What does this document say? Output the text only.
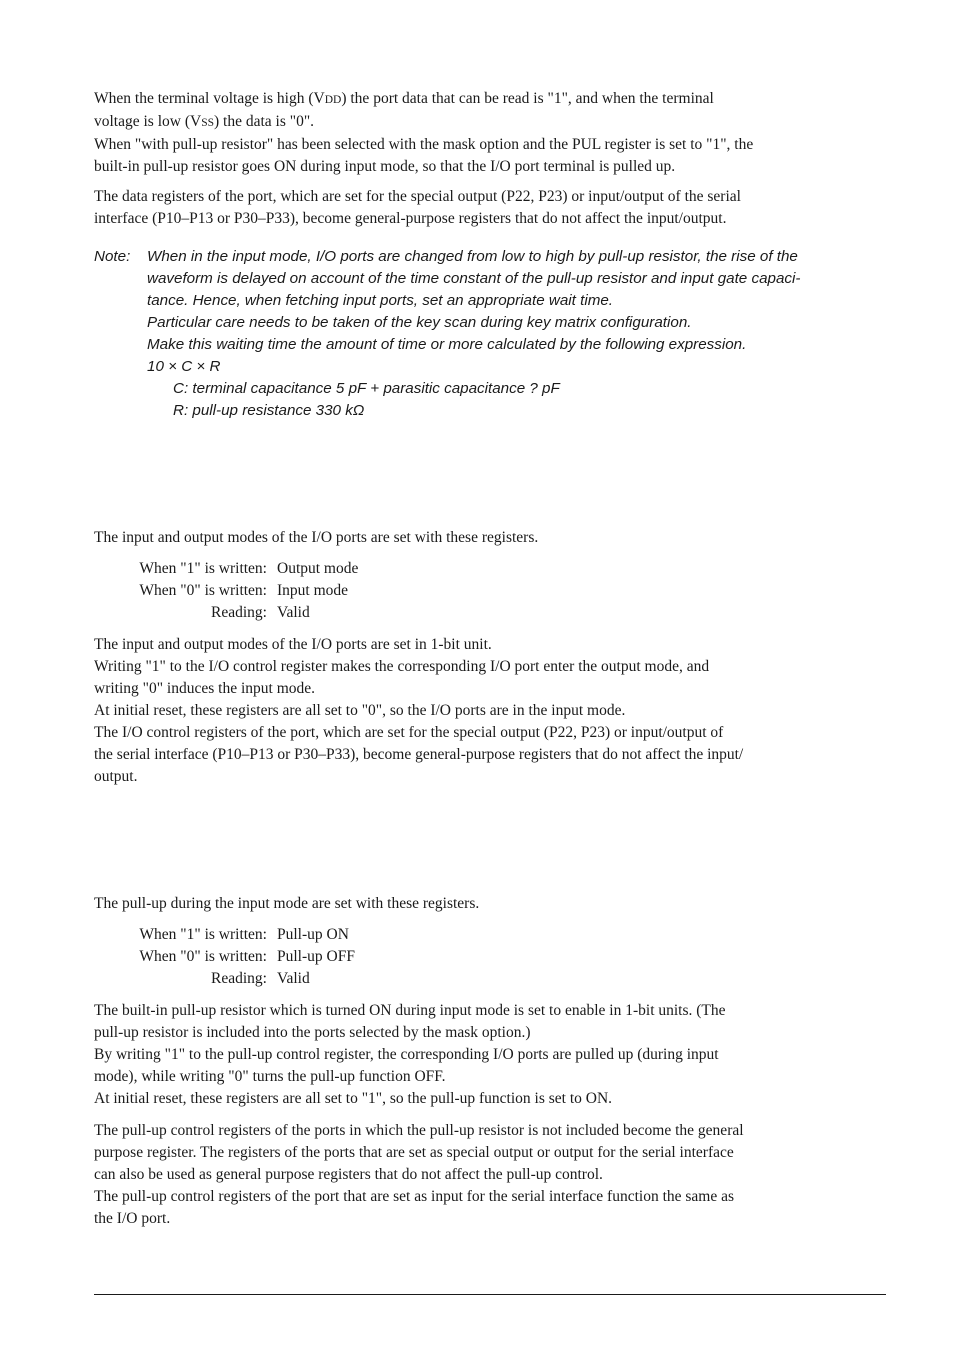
When the terminal voltage is high (VDD) the port data that can be read is "1", and when the terminal
voltage is low (VSS) the data is "0".
When "with pull-up resistor" has been selected with the mask option and the PUL register is set to "1", the
built-in pull-up resistor goes ON during input mode, so that the I/O port terminal is pulled up.
The data registers of the port, which are set for the special output (P22, P23) or input/output of the serial
interface (P10–P13 or P30–P33), become general-purpose registers that do not affect the input/output.
Note: When in the input mode, I/O ports are changed from low to high by pull-up resistor, the rise of the
waveform is delayed on account of the time constant of the pull-up resistor and input gate capaci-
tance. Hence, when fetching input ports, set an appropriate wait time.
Particular care needs to be taken of the key scan during key matrix configuration.
Make this waiting time the amount of time or more calculated by the following expression.
10 × C × R
C: terminal capacitance 5 pF + parasitic capacitance ? pF
R: pull-up resistance 330 kΩ
The input and output modes of the I/O ports are set with these registers.
When "1" is written: Output mode
When "0" is written: Input mode
Reading: Valid
The input and output modes of the I/O ports are set in 1-bit unit.
Writing "1" to the I/O control register makes the corresponding I/O port enter the output mode, and
writing "0" induces the input mode.
At initial reset, these registers are all set to "0", so the I/O ports are in the input mode.
The I/O control registers of the port, which are set for the special output (P22, P23) or input/output of
the serial interface (P10–P13 or P30–P33), become general-purpose registers that do not affect the input/
output.
The pull-up during the input mode are set with these registers.
When "1" is written: Pull-up ON
When "0" is written: Pull-up OFF
Reading: Valid
The built-in pull-up resistor which is turned ON during input mode is set to enable in 1-bit units. (The
pull-up resistor is included into the ports selected by the mask option.)
By writing "1" to the pull-up control register, the corresponding I/O ports are pulled up (during input
mode), while writing "0" turns the pull-up function OFF.
At initial reset, these registers are all set to "1", so the pull-up function is set to ON.
The pull-up control registers of the ports in which the pull-up resistor is not included become the general
purpose register. The registers of the ports that are set as special output or output for the serial interface
can also be used as general purpose registers that do not affect the pull-up control.
The pull-up control registers of the port that are set as input for the serial interface function the same as
the I/O port.
